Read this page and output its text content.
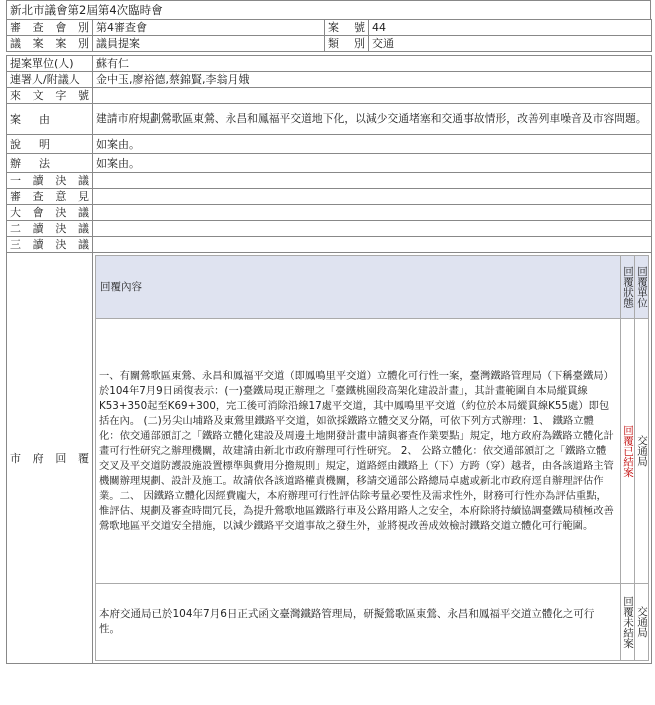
新北市議會第2屆第4次臨時會
審 查 會 別	第4審查會	案 號	44

議 案 案 別	議員提案	類 別	交通

提案單位(人)	蘇有仁
連署人/附議人	金中玉,廖裕德,蔡錦賢,李翁月娥

來 文 字 號

案 由	建請市府規劃鶯歌區東鶯、永昌和鳳福平交道地下化，以減少交通堵塞和交通事故情形，改善列車噪音及市容問題。

說 明	如案由。

辦 法	如案由。

一 讀 決 議

審 查 意 見

大 會 決 議

二 讀 決 議

三 讀 決 議

市 府 回 覆

回覆內容	回覆狀態	回覆單位

一、有關鶯歌區東鶯、永昌和鳳福平交道（即鳳鳴里平交道）立體化可行性一案，臺灣鐵路管理局（下稱臺鐵局）於104年7月9日函復表示：(一)臺鐵局現正辦理之「臺鐵桃園段高架化建設計畫」，其計畫範圍自本局縱貫線K53+350起至K69+300，完工後可消除沿線17處平交道，其中鳳鳴里平交道（約位於本局縱貫線K55處）即包括在內。 (二)另尖山埔路及東鶯里鐵路平交道，如欲採鐵路立體交叉分隔，可依下列方式辦理：1、 鐵路立體化：依交通部頒訂之「鐵路立體化建設及周邊土地開發計畫申請與審查作業要點」規定，地方政府為鐵路立體化計畫可行性研究之辦理機關，故建請由新北市政府辦理可行性研究。 2、 公路立體化：依交通部頒訂之「鐵路立體交叉及平交道防護設施設置標準與費用分擔規則」規定，道路經由鐵路上（下）方跨（穿）越者，由各該道路主管機關辦理規劃、設計及施工。故請依各該道路權責機關，移請交通部公路總局卓處或新北市政府逕自辦理評估作業。二、 因鐵路立體化因經費龐大，本府辦理可行性評估除考量必要性及需求性外，財務可行性亦為評估重點，惟評估、規劃及審查時間冗長，為提升鶯歌地區鐵路行車及公路用路人之安全，本府除將持續協調臺鐵局積極改善鶯歌地區平交道安全措施，以減少鐵路平交道事故之發生外，並將視改善成效檢討鐵路交道立體化可行範圍。	
回覆已結案	交通局

本府交通局已於104年7月6日正式函文臺灣鐵路管理局，研擬鶯歌區東鶯、永昌和鳳福平交道立體化之可行性。	回覆未結案	交通局
